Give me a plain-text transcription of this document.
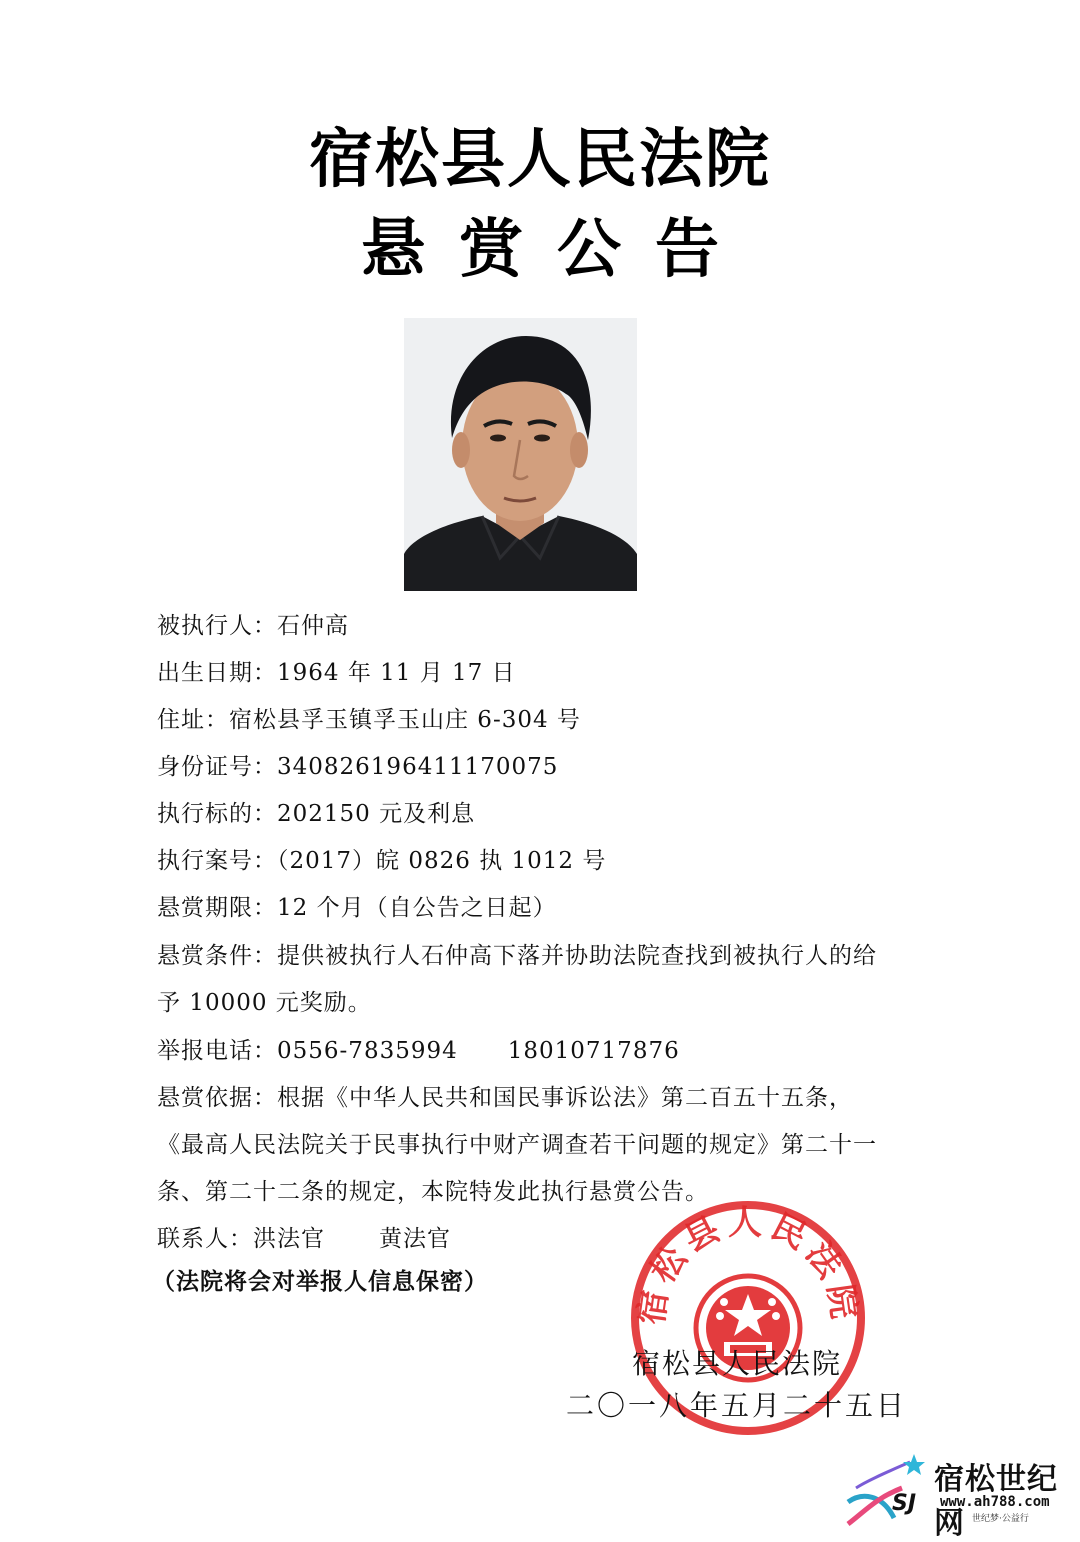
宿松县人民法院
悬赏公告
被执行人：石仲高
出生日期：1964 年 11 月 17 日
住址：宿松县孚玉镇孚玉山庄 6-304 号
身份证号：340826196411170075
执行标的：202150 元及利息
执行案号：（2017）皖 0826 执 1012 号
悬赏期限：12 个月（自公告之日起）
悬赏条件：提供被执行人石仲高下落并协助法院查找到被执行人的给
予 10000 元奖励。
举报电话：0556-7835994 18010717876
悬赏依据：根据《中华人民共和国民事诉讼法》第二百五十五条，
《最高人民法院关于民事执行中财产调查若干问题的规定》第二十一
条、第二十二条的规定，本院特发此执行悬赏公告。
联系人：洪法官 黄法官
（法院将会对举报人信息保密）	宿松县人民法院
宿松县人民法院
二〇一八年五月二十五日
SJ
宿松世纪网
www.ah788.com
世纪梦·公益行
